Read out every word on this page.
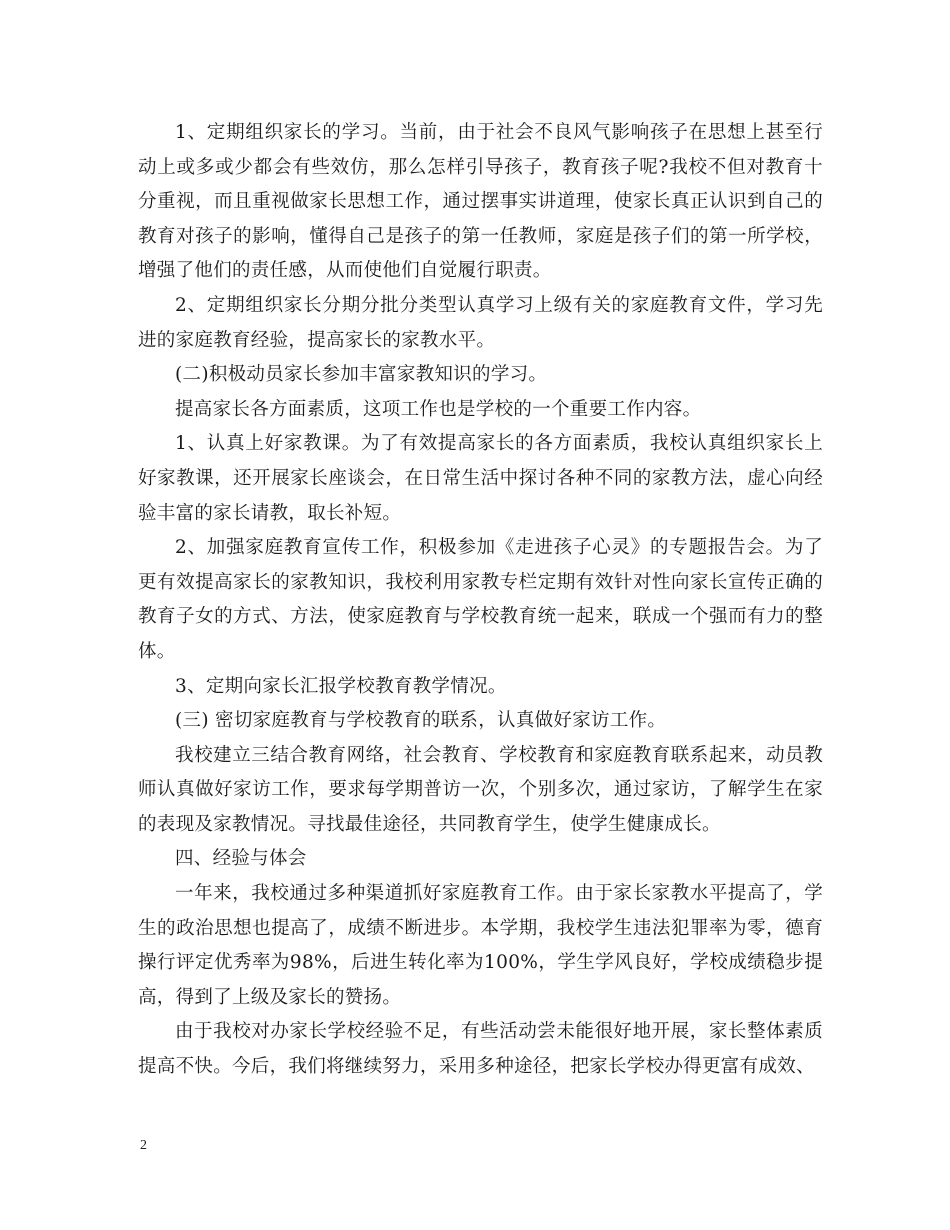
1、定期组织家长的学习。当前，由于社会不良风气影响孩子在思想上甚至行动上或多或少都会有些效仿，那么怎样引导孩子，教育孩子呢?我校不但对教育十分重视，而且重视做家长思想工作，通过摆事实讲道理，使家长真正认识到自己的教育对孩子的影响，懂得自己是孩子的第一任教师，家庭是孩子们的第一所学校，增强了他们的责任感，从而使他们自觉履行职责。

2、定期组织家长分期分批分类型认真学习上级有关的家庭教育文件，学习先进的家庭教育经验，提高家长的家教水平。

(二)积极动员家长参加丰富家教知识的学习。

提高家长各方面素质，这项工作也是学校的一个重要工作内容。

1、认真上好家教课。为了有效提高家长的各方面素质，我校认真组织家长上好家教课，还开展家长座谈会，在日常生活中探讨各种不同的家教方法，虚心向经验丰富的家长请教，取长补短。

2、加强家庭教育宣传工作，积极参加《走进孩子心灵》的专题报告会。为了更有效提高家长的家教知识，我校利用家教专栏定期有效针对性向家长宣传正确的教育子女的方式、方法，使家庭教育与学校教育统一起来，联成一个强而有力的整体。

3、定期向家长汇报学校教育教学情况。

(三) 密切家庭教育与学校教育的联系，认真做好家访工作。

我校建立三结合教育网络，社会教育、学校教育和家庭教育联系起来，动员教师认真做好家访工作，要求每学期普访一次，个别多次，通过家访，了解学生在家的表现及家教情况。寻找最佳途径，共同教育学生，使学生健康成长。

四、经验与体会

一年来，我校通过多种渠道抓好家庭教育工作。由于家长家教水平提高了，学生的政治思想也提高了，成绩不断进步。本学期，我校学生违法犯罪率为零，德育操行评定优秀率为98%，后进生转化率为100%，学生学风良好，学校成绩稳步提高，得到了上级及家长的赞扬。

由于我校对办家长学校经验不足，有些活动尝未能很好地开展，家长整体素质提高不快。今后，我们将继续努力，采用多种途径，把家长学校办得更富有成效、

2
